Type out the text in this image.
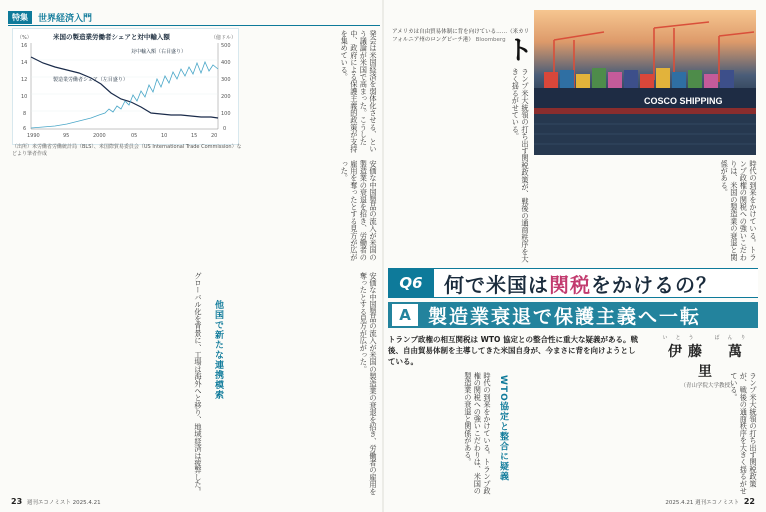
特集	世界経済入門
米国の製造業労働者シェアと対中輸入額
（%）	（億ドル）
16
14
12
10
8
6
500
400
300
200
100
0
1990	95	2000	05	10	15	20
対中輸入額（右目盛り）
製造業労働者シェア（左目盛り）
（出所）米労働省労働統計局（BLS）、米国際貿易委員会（US International Trade Commission）などより筆者作成
発会は米国経済を弱体化させる、という議論が米国で高まった。こうした中、政府による保護主義的政策が支持を集めている。
安価な中国製品の流入が米国の製造業の衰退を招き、労働者の雇用を奪ったとする見方が広がった。
グローバル化を背景に、工場は海外へと移り、地域経済は疲弊した。 他国で新たな連携模索	安価な中国製品の流入が米国の製造業の衰退を招き、労働者の雇用を奪ったとする見方が広がった。
23 週刊エコノミスト 2025.4.21
アメリカは自由貿易体制に背を向けている……（米カリフォルニア州のロングビーチ港） Bloomberg ト
COSCO SHIPPING
ランプ米大統領の打ち出す関税政策が、戦後の通商秩序を大きく揺るがせている。
時代の到来をかけている。トランプ政権の関税への強いこだわりは、米国の製造業の衰退と関係がある。
Q6	何で米国は関税をかけるの？
A 製造業衰退で保護主義へ一転
トランプ政権の相互関税は WTO 協定との整合性に重大な疑義がある。戦後、自由貿易体制を主導してきた米国自身が、今まさに背を向けようとしている。
いとう　ばんり
伊藤　萬里
（青山学院大学教授）
時代の到来をかけている。トランプ政権の関税への強いこだわりは、米国の製造業の衰退と関係がある。	WTO協定と整合に疑義	ランプ米大統領の打ち出す関税政策が、戦後の通商秩序を大きく揺るがせている。
2025.4.21 週刊エコノミスト 22
